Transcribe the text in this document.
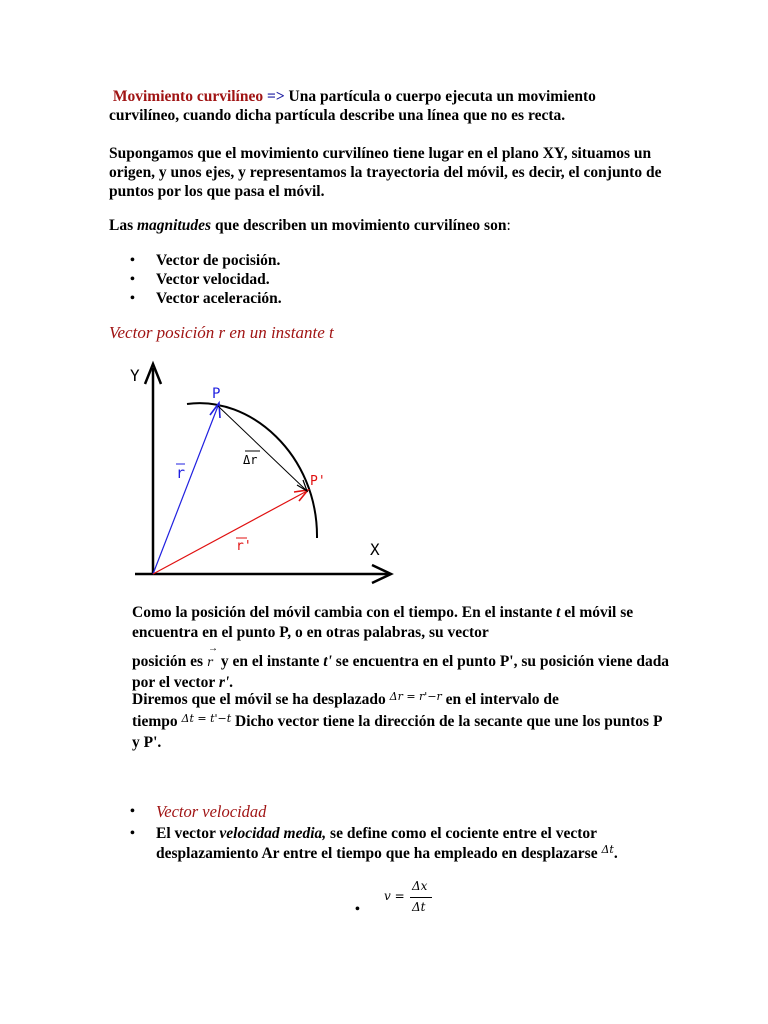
Movimiento curvilíneo => Una partícula o cuerpo ejecuta un movimiento curvilíneo, cuando dicha partícula describe una línea que no es recta.
Supongamos que el movimiento curvilíneo tiene lugar en el plano XY, situamos un origen, y unos ejes, y representamos la trayectoria del móvil, es decir, el conjunto de puntos por los que pasa el móvil.
Las magnitudes que describen un movimiento curvilíneo son:
• Vector de pocisión.
• Vector velocidad.
• Vector aceleración.
Vector posición r en un instante t
Y
X
P
P'
r
r'
Δr
Como la posición del móvil cambia con el tiempo. En el instante t el móvil se encuentra en el punto P, o en otras palabras, su vector
posición es
→
r y en el instante t' se encuentra en el punto P', su posición viene dada por el vector r'.
Diremos que el móvil se ha desplazado $^{\Delta r = r'-r}$ en el intervalo de
tiempo $^{\Delta t = t'-t}$ Dicho vector tiene la dirección de la secante que une los puntos P y P'.
• Vector velocidad
• El vector velocidad media, se define como el cociente entre el vector desplazamiento Ar entre el tiempo que ha empleado en desplazarse $^{\Delta t}$.
•
v =
Δx
Δt
